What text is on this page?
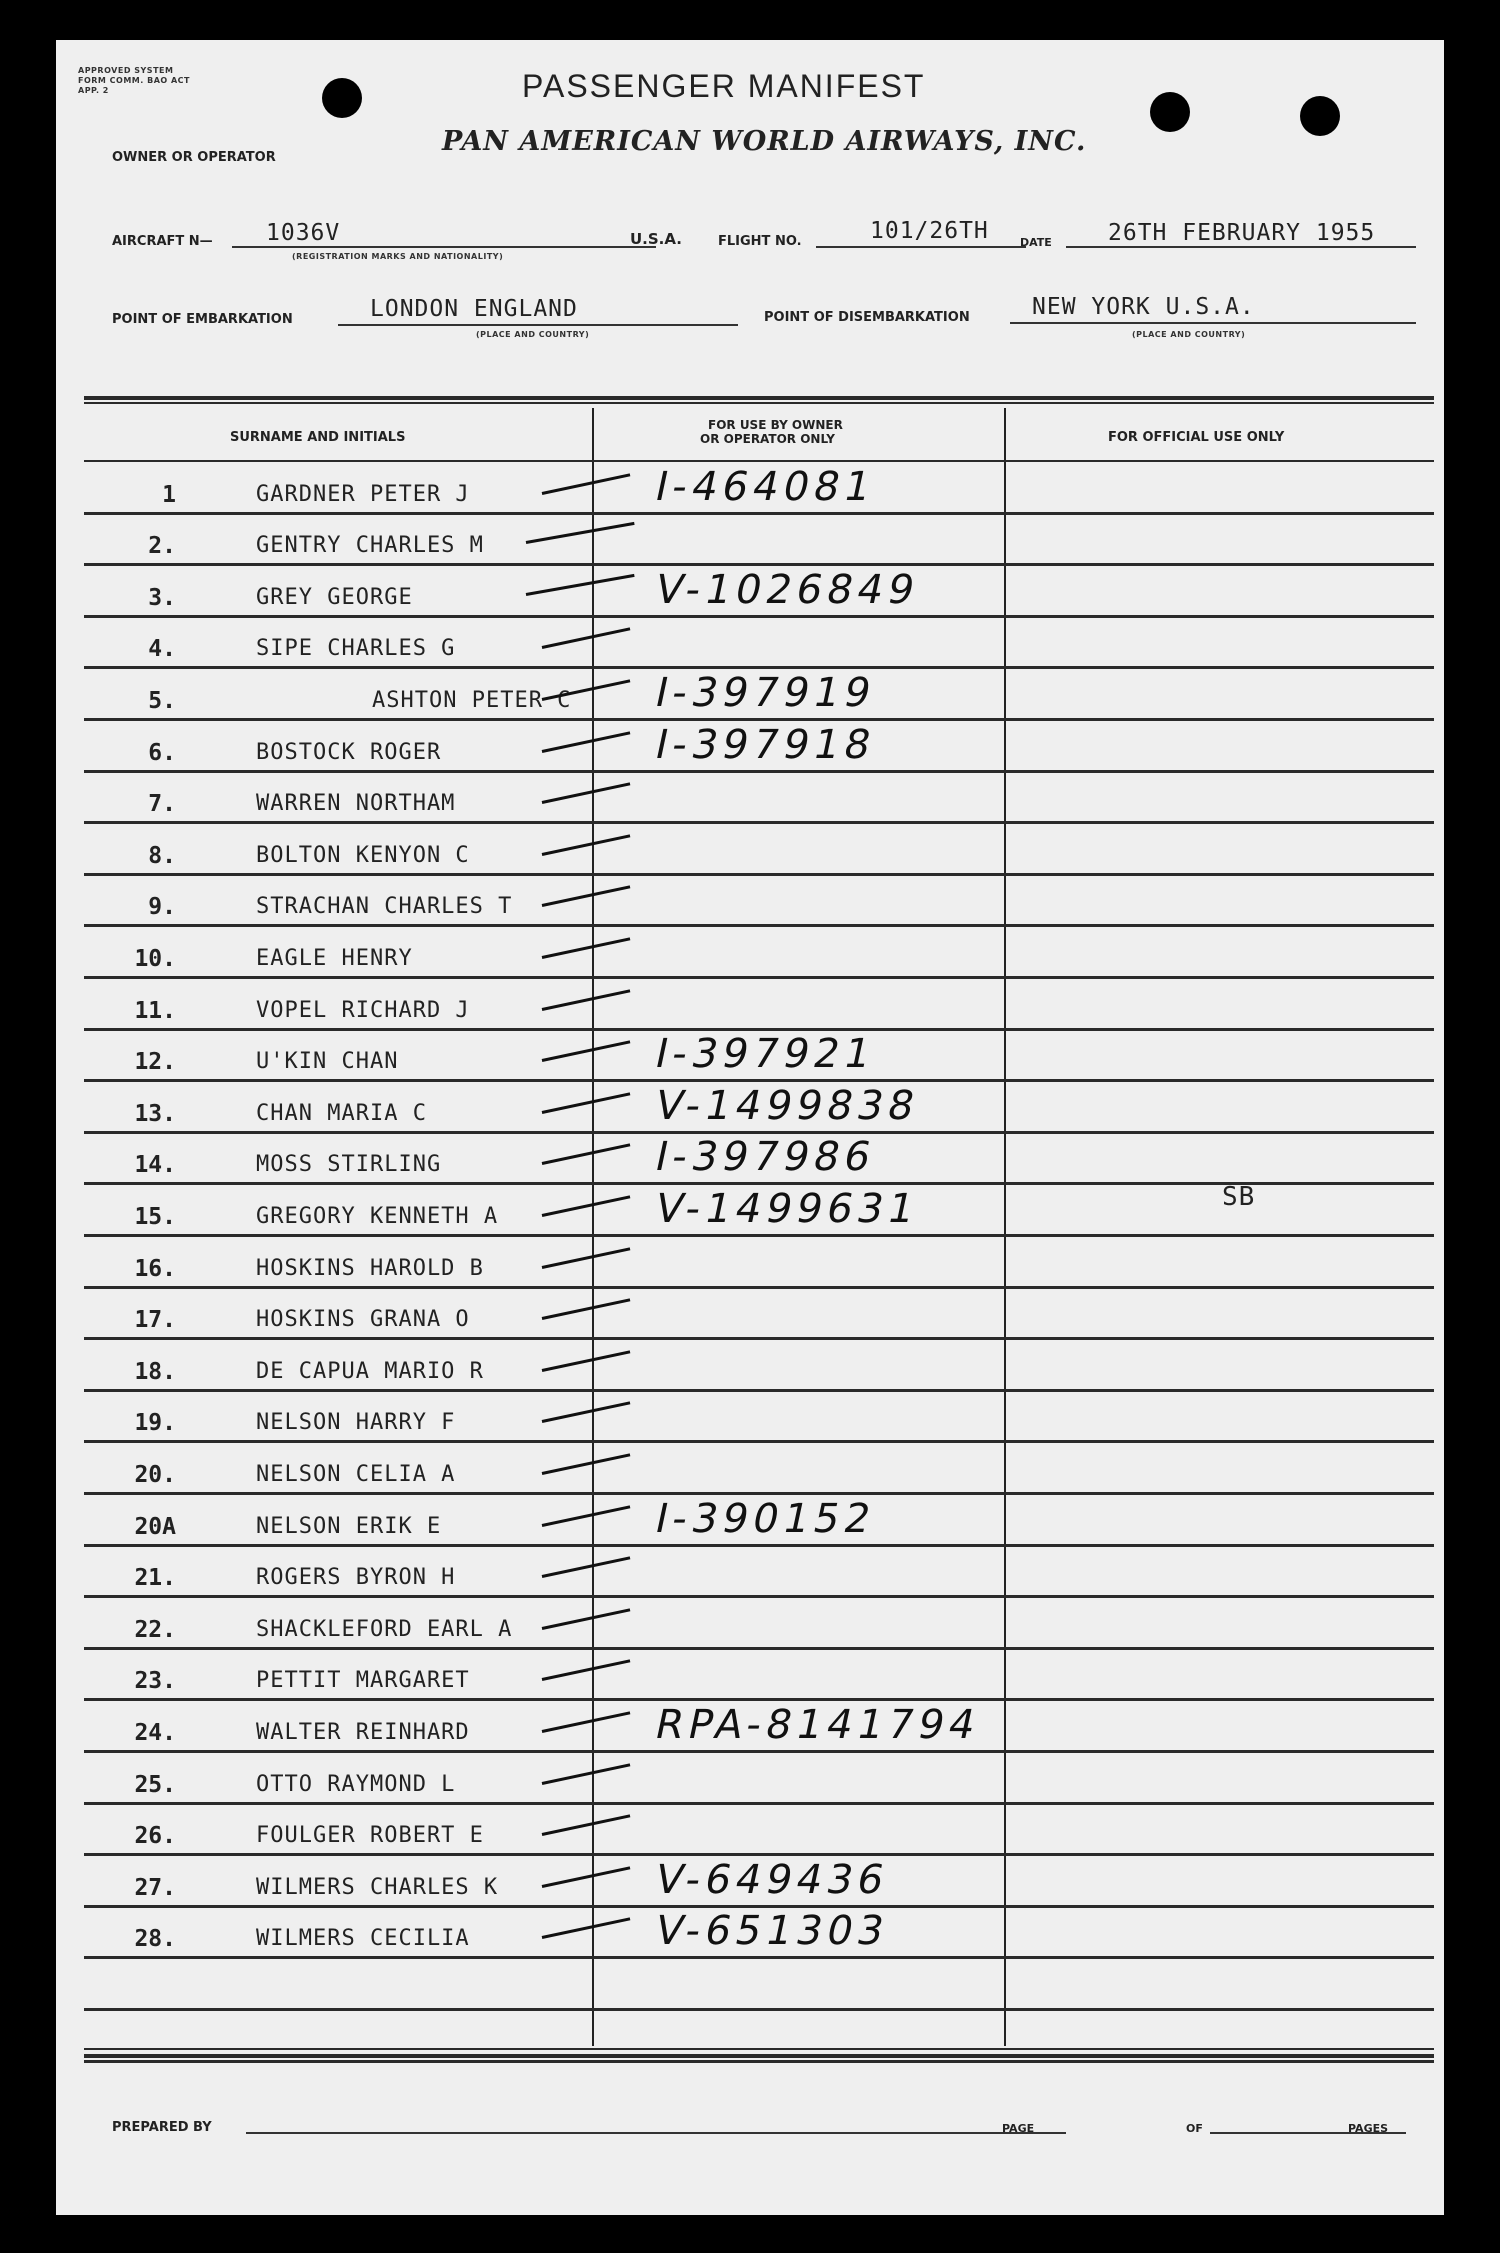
APPROVED SYSTEM FORM COMM. BAO ACT APP. 2	PASSENGER MANIFEST
OWNER OR OPERATOR
PAN AMERICAN WORLD AIRWAYS, INC.
AIRCRAFT N— 1036V
(REGISTRATION MARKS AND NATIONALITY)
U.S.A.	FLIGHT NO.	101/26TH	DATE 26TH FEBRUARY 1955
POINT OF EMBARKATION	LONDON ENGLAND
(PLACE AND COUNTRY)
POINT OF DISEMBARKATION	NEW YORK U.S.A.
(PLACE AND COUNTRY)
SURNAME AND INITIALS
FOR USE BY OWNER
OR OPERATOR ONLY	FOR OFFICIAL USE ONLY
1	GARDNER PETER J	I-464081
2.	GENTRY CHARLES M
3.	GREY GEORGE	V-1026849
4.	SIPE CHARLES G
5.	ASHTON PETER C I-397919
6.	BOSTOCK ROGER	I-397918
7.	WARREN NORTHAM
8.	BOLTON KENYON C
9.	STRACHAN CHARLES T
10.	EAGLE HENRY
11.	VOPEL RICHARD J
12.	U'KIN CHAN	I-397921
13.	CHAN MARIA C	V-1499838
14.	MOSS STIRLING	I-397986
15.	GREGORY KENNETH A	V-1499631	SB
16.	HOSKINS HAROLD B
17.	HOSKINS GRANA O
18.	DE CAPUA MARIO R
19.	NELSON HARRY F
20.	NELSON CELIA A
20A	NELSON ERIK E	I-390152
21.	ROGERS BYRON H
22.	SHACKLEFORD EARL A
23.	PETTIT MARGARET
24.	WALTER REINHARD	RPA-8141794
25.	OTTO RAYMOND L
26.	FOULGER ROBERT E
27.	WILMERS CHARLES K	V-649436
28.	WILMERS CECILIA	V-651303
PREPARED BY	PAGE	OF	PAGES
